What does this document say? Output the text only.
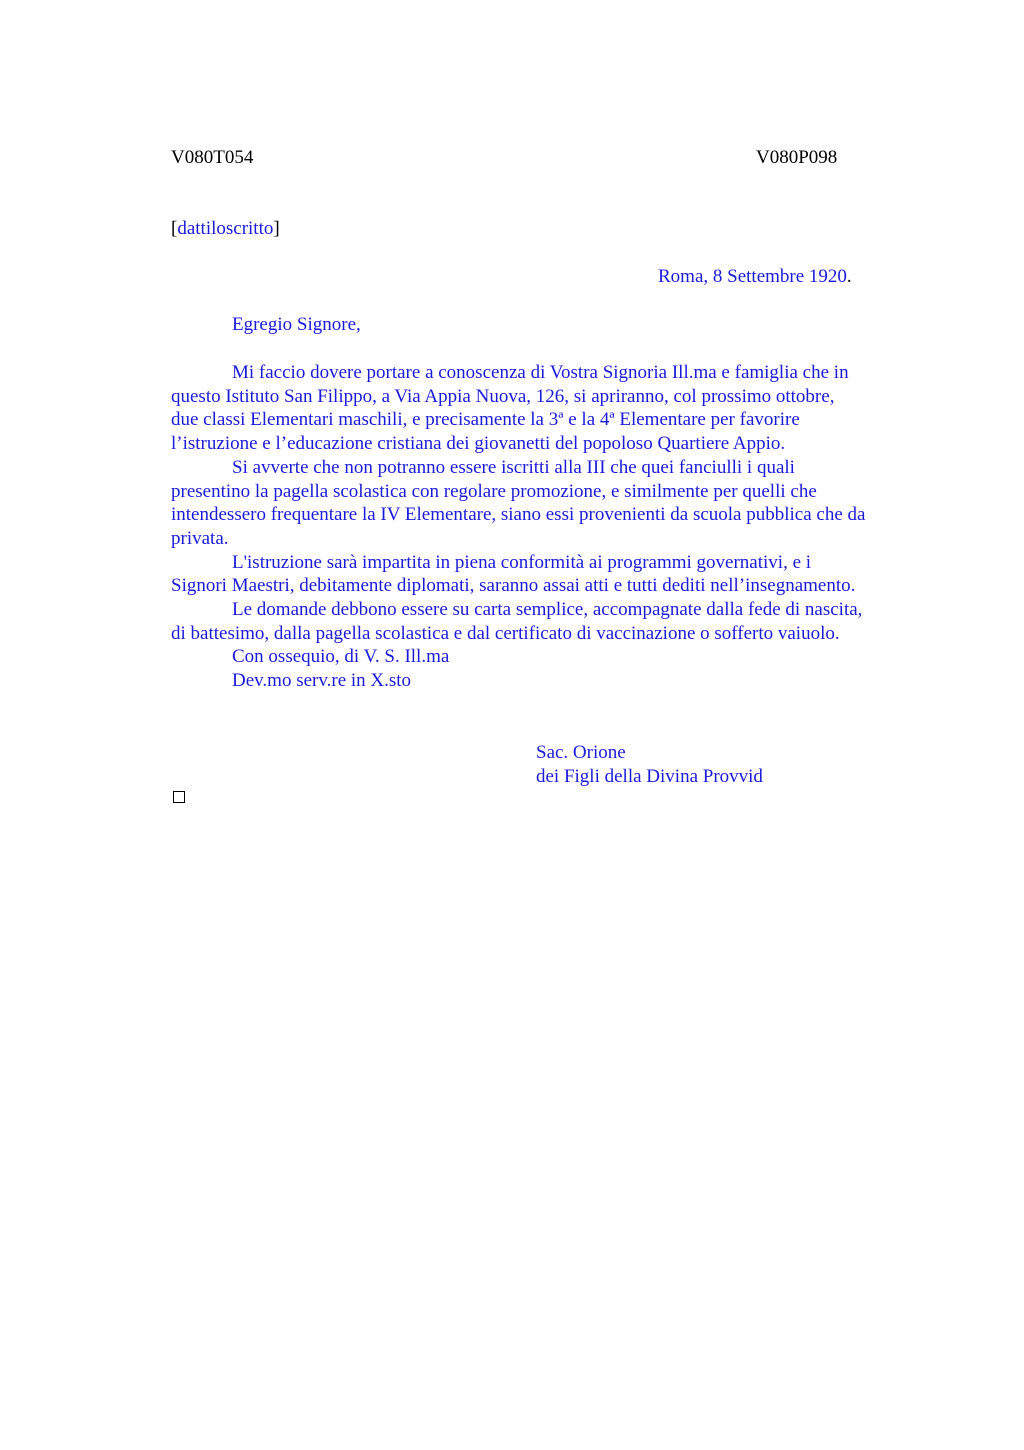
V080T054	V080P098
[dattiloscritto]
Roma, 8 Settembre 1920.
Egregio Signore,

Mi faccio dovere portare a conoscenza di Vostra Signoria Ill.ma e famiglia che in

questo Istituto San Filippo, a Via Appia Nuova, 126, si apriranno, col prossimo ottobre,

due classi Elementari maschili, e precisamente la 3ª e la 4ª Elementare per favorire

l’istruzione e l’educazione cristiana dei giovanetti del popoloso Quartiere Appio.

Si avverte che non potranno essere iscritti alla III che quei fanciulli i quali

presentino la pagella scolastica con regolare promozione, e similmente per quelli che

intendessero frequentare la IV Elementare, siano essi provenienti da scuola pubblica che da

privata.

L'istruzione sarà impartita in piena conformità ai programmi governativi, e i

Signori Maestri, debitamente diplomati, saranno assai atti e tutti dediti nell’insegnamento.

Le domande debbono essere su carta semplice, accompagnate dalla fede di nascita,

di battesimo, dalla pagella scolastica e dal certificato di vaccinazione o sofferto vaiuolo.

Con ossequio, di V. S. Ill.ma

Dev.mo serv.re in X.sto

Sac. Orione
dei Figli della Divina Provvid
